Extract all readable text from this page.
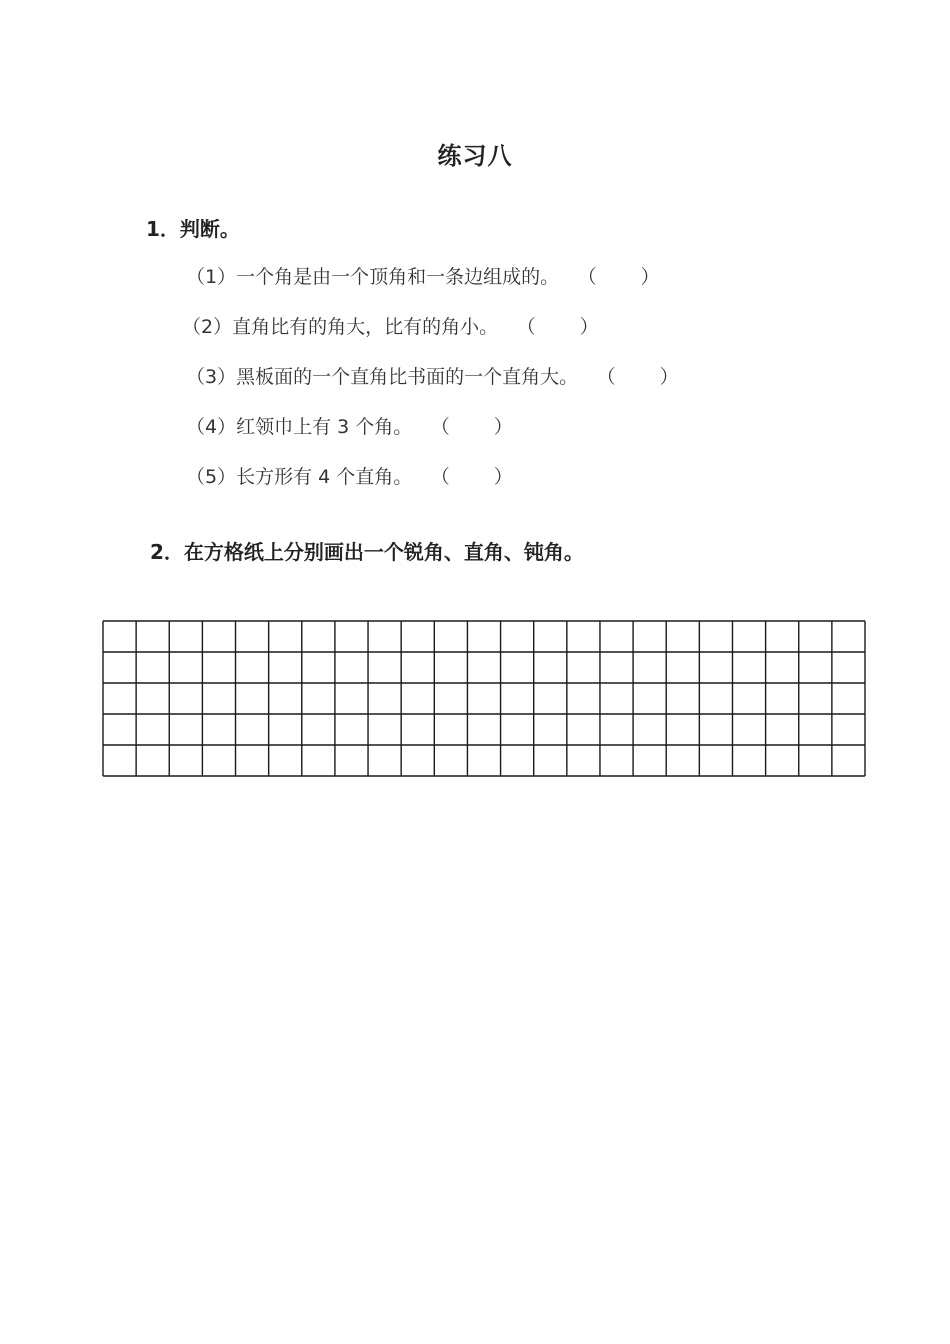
练习八
1．判断。
（1）一个角是由一个顶角和一条边组成的。 （ ）
（2）直角比有的角大，比有的角小。 （ ）
（3）黑板面的一个直角比书面的一个直角大。 （ ）
（4）红领巾上有 3 个角。 （ ）
（5）长方形有 4 个直角。 （ ）
2．在方格纸上分别画出一个锐角、直角、钝角。
